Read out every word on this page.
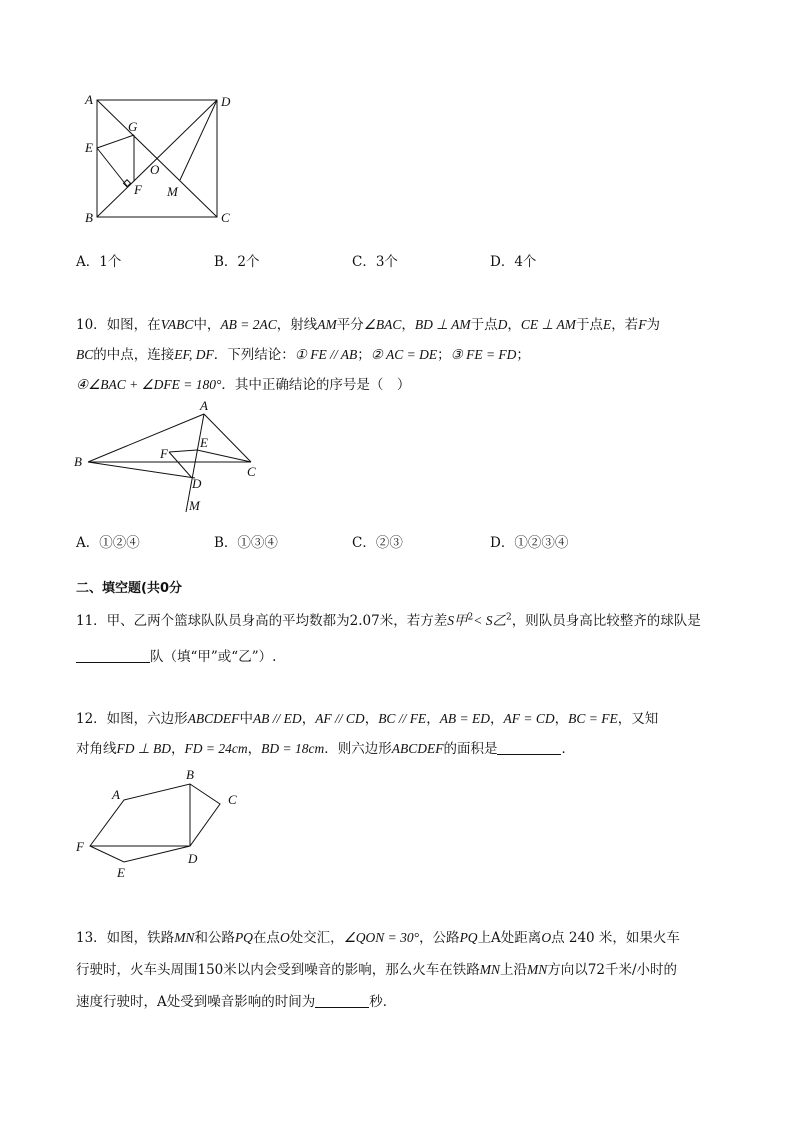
A	D
G
E
O
F M
B	C
A．1个	B．2个	C．3个	D．4个
10．如图，在VABC中，AB = 2AC，射线AM平分∠BAC，BD ⊥ AM于点D，CE ⊥ AM于点E，若F为
BC的中点，连接EF, DF．下列结论：① FE // AB；② AC = DE；③ FE = FD；
④∠BAC + ∠DFE = 180°．其中正确结论的序号是（　）
A
E
F
B
C
D
M
A．①②④	B．①③④	C．②③	D．①②③④
二、填空题(共0分
11．甲、乙两个篮球队队员身高的平均数都为2.07米，若方差S甲$^2$< S乙$^2$，则队员身高比较整齐的球队是
队（填“甲”或“乙”）.
12．如图，六边形ABCDEF中AB // ED，AF // CD，BC // FE，AB = ED，AF = CD，BC = FE，又知
对角线FD ⊥ BD，FD = 24cm，BD = 18cm．则六边形ABCDEF的面积是	．
B
A	C
F
D
E
13．如图，铁路MN和公路PQ在点O处交汇，∠QON = 30°，公路PQ上A处距离O点 240 米，如果火车
行驶时，火车头周围150米以内会受到噪音的影响，那么火车在铁路MN上沿MN方向以72千米/小时的
速度行驶时，A处受到噪音影响的时间为	秒．
